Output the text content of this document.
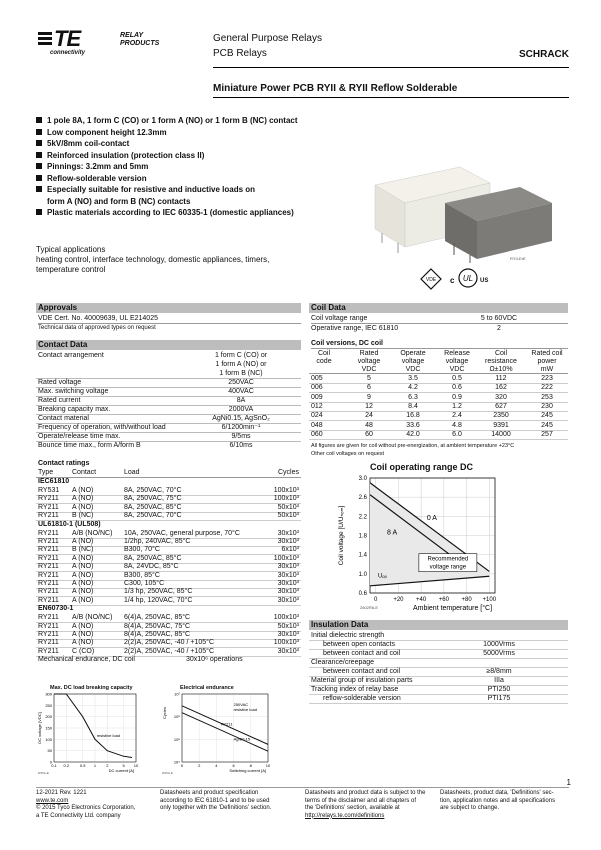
TE
connectivity
RELAY
PRODUCTS	General Purpose Relays
PCB Relays	SCHRACK
Miniature Power PCB RYII & RYII Reflow Solderable
1 pole 8A, 1 form C (CO) or 1 form A (NO) or 1 form B (NC) contact
Low component height 12.3mm
5kV/8mm coil-contact
Reinforced insulation (protection class II)
Pinnings: 3.2mm and 5mm
Reflow-solderable version
Especially suitable for resistive and inductive loads on
form A (NO) and form B (NC) contacts
Plastic materials according to IEC 60335-1 (domestic appliances)
Typical applications
heating control, interface technology, domestic appliances, timers,
temperature control
RYII-ErE
VDE c UL US
Approvals
VDE Cert. No. 40009639, UL E214025
Technical data of approved types on request
Contact Data
Contact arrangement	1 form C (CO) or
1 form A (NO) or
1 form B (NC)
Rated voltage	250VAC
Max. switching voltage	400VAC
Rated current	8A
Breaking capacity max.	2000VA
Contact material	AgNi0.15, AgSnO₂
Frequency of operation, with/without load	6/1200min⁻¹
Operate/release time max.	9/5ms
Bounce time max., form A/form B	6/10ms
Contact ratings
Type	Contact	Load	Cycles
IEC61810
RY531 A (NO)	8A, 250VAC, 70°C	100x10³
RY211 A (NO)	8A, 250VAC, 75°C	100x10³
RY211 A (NO)	8A, 250VAC, 85°C	50x10³
RY211 B (NC)	8A, 250VAC, 70°C	50x10³
UL61810-1 (UL508)
RY211 A/B (NO/NC) 10A, 250VAC, general purpose, 70°C	30x10³
RY211 A (NO)	1/2hp, 240VAC, 85°C	30x10³
RY211 B (NC)	B300, 70°C	6x10³
RY211 A (NO)	8A, 250VAC, 85°C	100x10³
RY211 A (NO)	8A, 24VDC, 85°C	30x10³
RY211 A (NO)	B300, 85°C	30x10³
RY211 A (NO)	C300, 105°C	30x10³
RY211 A (NO)	1/3 hp, 250VAC, 85°C	30x10³
RY211 A (NO)	1/4 hp, 120VAC, 70°C	30x10³
EN60730-1
RY211 A/B (NO/NC) 6(4)A, 250VAC, 85°C	100x10³
RY211 A (NO)	8(4)A, 250VAC, 75°C	50x10³
RY211 A (NO)	8(4)A, 250VAC, 85°C	30x10³
RY211 A (NO)	2(2)A, 250VAC, -40 / +105°C	100x10³
RY211 C (CO)	2(2)A, 250VAC, -40 / +105°C	30x10³
Mechanical endurance, DC coil	30x10⁶ operations
Max. DC load breaking capacity
0
50
100
150
200
250
300
0.1 0.2	0.5 1	2	5 10
resistive load
DC current [A]
DC voltage [VDC]
DS5A-E
Electrical endurance
10⁴
10⁵
10⁶
10⁷
0	2	4	6	8	10
250VAC
resistive load
RY211
AgNi0.15
Switching current [A]
Cycles
DS5A-E
Coil Data
Coil voltage range	5 to 60VDC
Operative range, IEC 61810	2
Coil versions, DC coil
Coil	Rated	Operate	Release	Coil	Rated coil
code	voltage	voltage	voltage	resistance	power
VDC	VDC	VDC	Ω±10%	mW
005	5	3.5	0.5	112	223
006	6	4.2	0.6	162	222
009	9	6.3	0.9	320	253
012	12	8.4	1.2	627	230
024	24	16.8	2.4	2350	245
048	48	33.6	4.8	9391	245
060	60	42.0	6.0	14000	257
All figures are given for coil without pre-energization, at ambient temperature +23°C
Other coil voltages on request
Coil operating range DC
0.6
1.0
1.4
1.8
2.2
2.6
3.0
0	+20 +40 +60 +80 +100
0 A
8 A
Recommended
voltage range
Uₒₚ
Ambient temperature [°C]
Coil voltage [U/Uₙₒₘ]
2602R8-E
Insulation Data
Initial dielectric strength
between open contacts	1000Vrms
between contact and coil	5000Vrms
Clearance/creepage
between contact and coil	≥8/8mm
Material group of insulation parts	IIIa
Tracking index of relay base	PTI250
reflow-solderable version	PTI175
1
12-2021 Rev. 1221
www.te.com
© 2015 Tyco Electronics Corporation,
a TE Connectivity Ltd. company
Datasheets and product specification
according to IEC 61810-1 and to be used
only together with the 'Definitions' section.
Datasheets and product data is subject to the
terms of the disclaimer and all chapters of
the 'Definitions' section, available at
http://relays.te.com/definitions
Datasheets, product data, 'Definitions' sec-
tion, application notes and all specifications
are subject to change.
